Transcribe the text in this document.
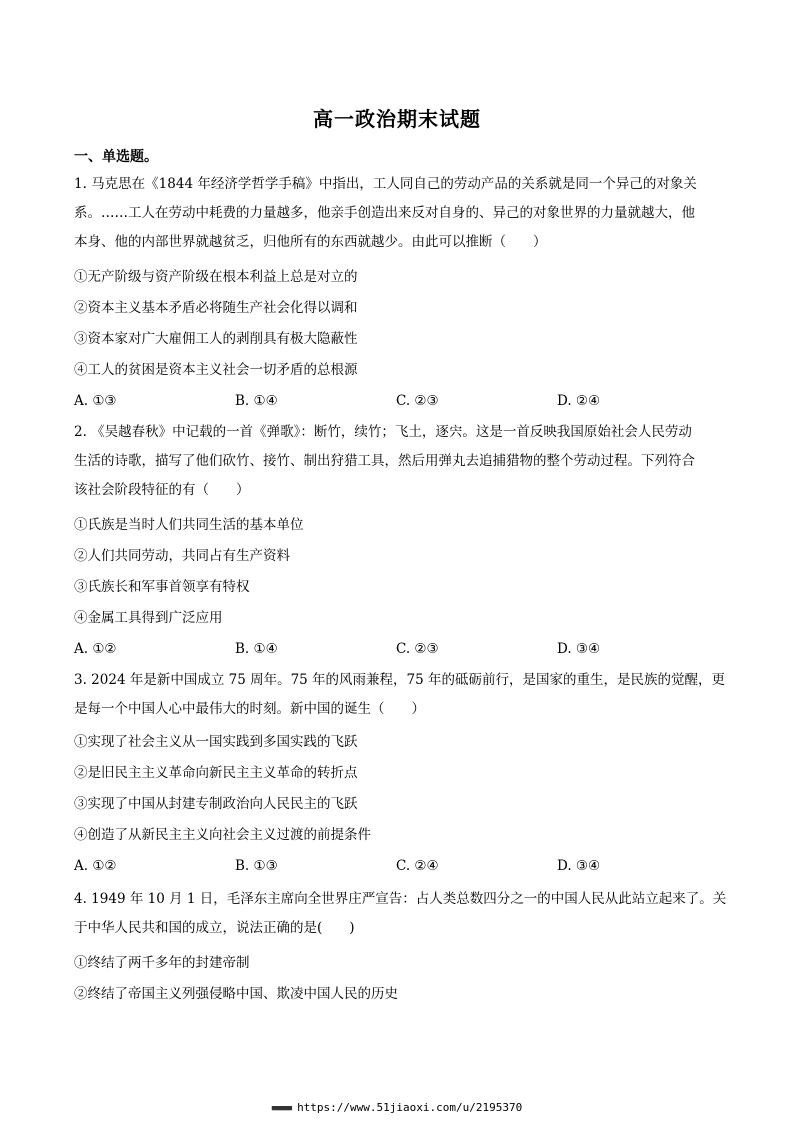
高一政治期末试题
一、单选题。
1. 马克思在《1844 年经济学哲学手稿》中指出，工人同自己的劳动产品的关系就是同一个异己的对象关
系。……工人在劳动中耗费的力量越多，他亲手创造出来反对自身的、异己的对象世界的力量就越大，他
本身、他的内部世界就越贫乏，归他所有的东西就越少。由此可以推断（　　）
①无产阶级与资产阶级在根本利益上总是对立的
②资本主义基本矛盾必将随生产社会化得以调和
③资本家对广大雇佣工人的剥削具有极大隐蔽性
④工人的贫困是资本主义社会一切矛盾的总根源
A. ①③	B. ①④	C. ②③	D. ②④
2. 《吴越春秋》中记载的一首《弹歌》：断竹，续竹；飞土，逐宍。这是一首反映我国原始社会人民劳动
生活的诗歌，描写了他们砍竹、接竹、制出狩猎工具，然后用弹丸去追捕猎物的整个劳动过程。下列符合
该社会阶段特征的有（　　）
①氏族是当时人们共同生活的基本单位
②人们共同劳动，共同占有生产资料
③氏族长和军事首领享有特权
④金属工具得到广泛应用
A. ①②	B. ①④	C. ②③	D. ③④
3. 2024 年是新中国成立 75 周年。75 年的风雨兼程，75 年的砥砺前行，是国家的重生，是民族的觉醒，更
是每一个中国人心中最伟大的时刻。新中国的诞生（　　）
①实现了社会主义从一国实践到多国实践的飞跃
②是旧民主主义革命向新民主主义革命的转折点
③实现了中国从封建专制政治向人民民主的飞跃
④创造了从新民主主义向社会主义过渡的前提条件
A. ①②	B. ①③	C. ②④	D. ③④
4. 1949 年 10 月 1 日，毛泽东主席向全世界庄严宣告：占人类总数四分之一的中国人民从此站立起来了。关
于中华人民共和国的成立，说法正确的是(　　)
①终结了两千多年的封建帝制
②终结了帝国主义列强侵略中国、欺凌中国人民的历史
■■■■■■ https://www.51jiaoxi.com/u/2195370
